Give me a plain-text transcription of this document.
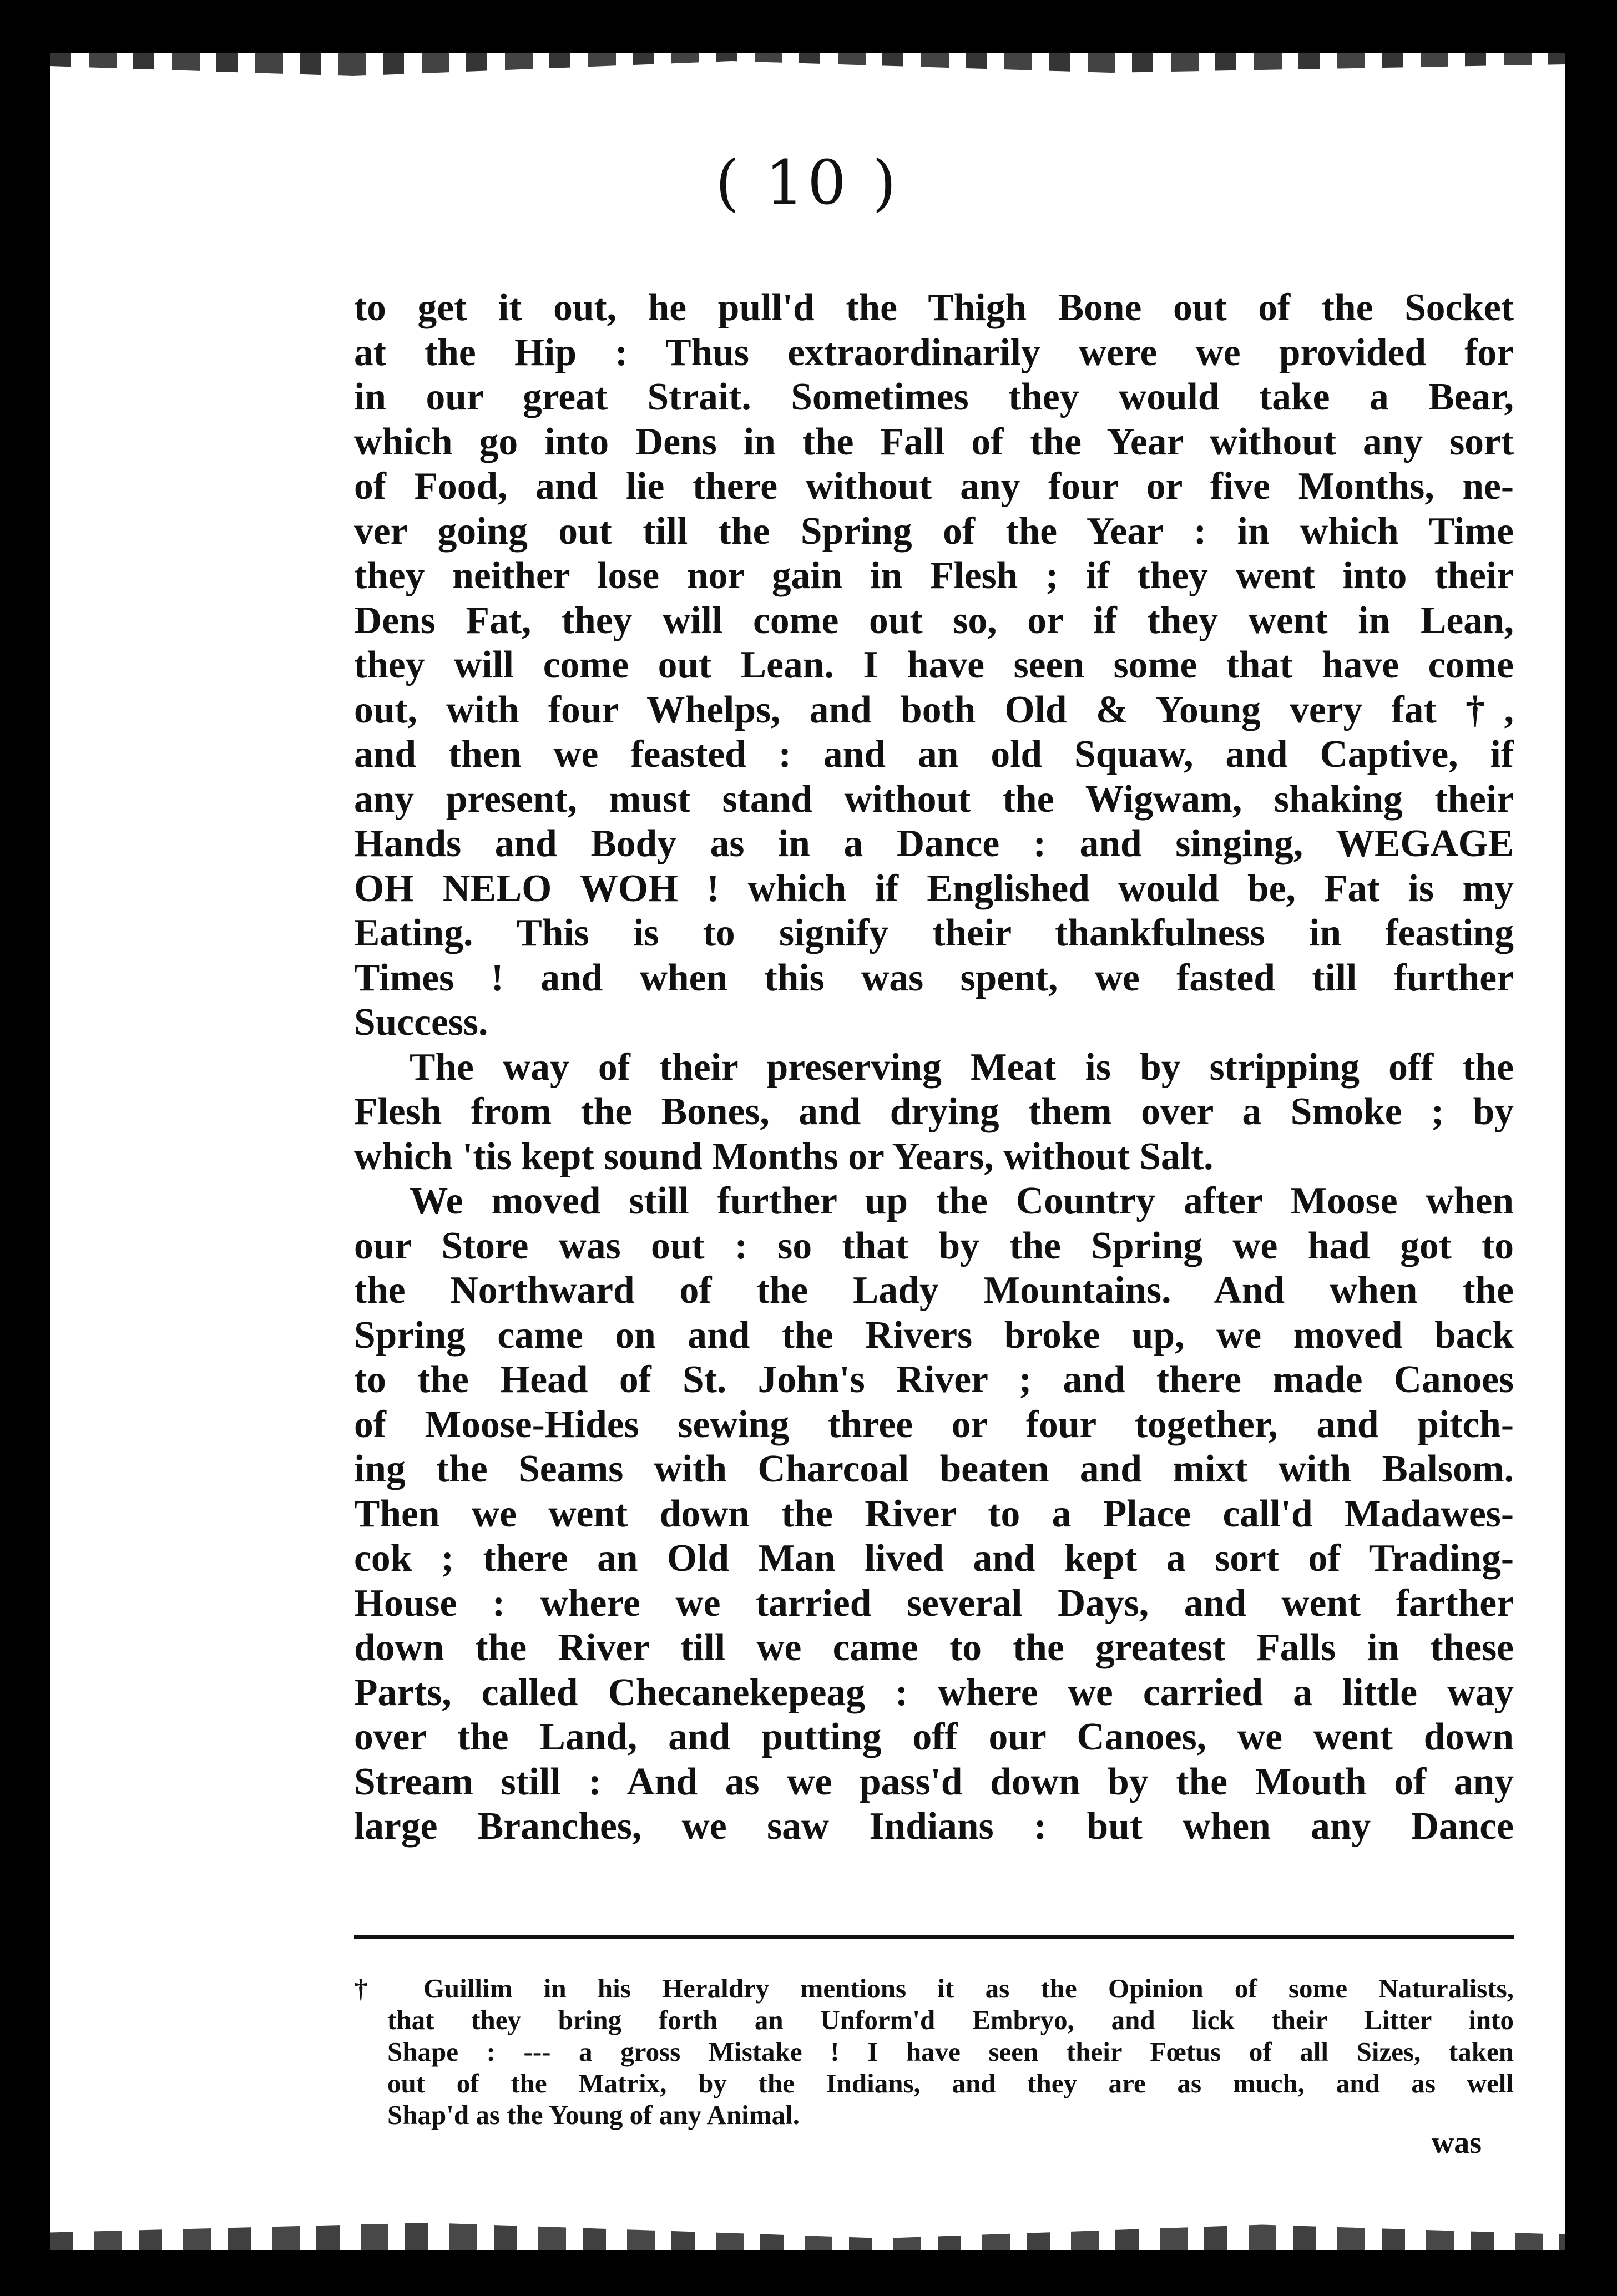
( 10 )
to get it out, he pull'd the Thigh Bone out of the Socket
at the Hip : Thus extraordinarily were we provided for
in our great Strait. Sometimes they would take a Bear,
which go into Dens in the Fall of the Year without any sort
of Food, and lie there without any four or five Months, ne-
ver going out till the Spring of the Year : in which Time
they neither lose nor gain in Flesh ; if they went into their
Dens Fat, they will come out so, or if they went in Lean,
they will come out Lean. I have seen some that have come
out, with four Whelps, and both Old & Young very fat †,
and then we feasted : and an old Squaw, and Captive, if
any present, must stand without the Wigwam, shaking their
Hands and Body as in a Dance : and singing, WEGAGE
OH NELO WOH ! which if Englished would be, Fat is my
Eating. This is to signify their thankfulness in feasting
Times ! and when this was spent, we fasted till further
Success.
The way of their preserving Meat is by stripping off the
Flesh from the Bones, and drying them over a Smoke ; by
which 'tis kept sound Months or Years, without Salt.
We moved still further up the Country after Moose when
our Store was out : so that by the Spring we had got to
the Northward of the Lady Mountains. And when the
Spring came on and the Rivers broke up, we moved back
to the Head of St. John's River ; and there made Canoes
of Moose-Hides sewing three or four together, and pitch-
ing the Seams with Charcoal beaten and mixt with Balsom.
Then we went down the River to a Place call'd Madawes-
cok ; there an Old Man lived and kept a sort of Trading-
House : where we tarried several Days, and went farther
down the River till we came to the greatest Falls in these
Parts, called Checanekepeag : where we carried a little way
over the Land, and putting off our Canoes, we went down
Stream still : And as we pass'd down by the Mouth of any
large Branches, we saw Indians : but when any Dance
† Guillim in his Heraldry mentions it as the Opinion of some Naturalists,
that they bring forth an Unform'd Embryo, and lick their Litter into
Shape : --- a gross Mistake ! I have seen their Fœtus of all Sizes, taken
out of the Matrix, by the Indians, and they are as much, and as well
Shap'd as the Young of any Animal.
was
